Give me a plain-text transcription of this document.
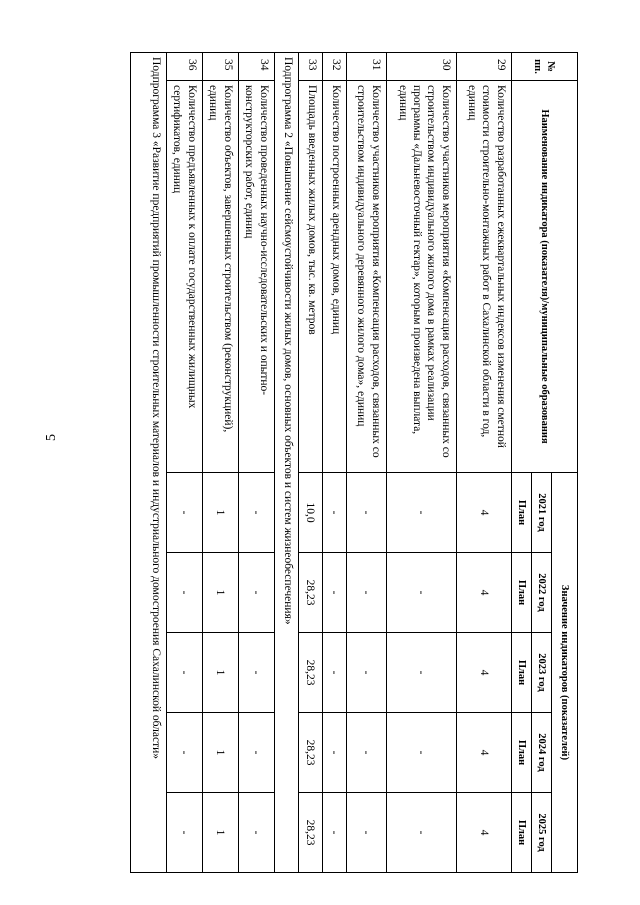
5
№ пп.	Наименование индикатора (показателя)/муниципальные образования	Значение индикаторов (показателей)				
		2021 год	2022 год	2023 год	2024 год	2025 год
		План	План	План	План	План
29	Количество разработанных ежеквартальных индексов изменения сметной стоимости строительно-монтажных работ в Сахалинской области в год, единиц	4	4	4	4	4
30	Количество участников мероприятия «Компенсация расходов, связанных со строительством индивидуального жилого дома в рамках реализации программы «Дальневосточный гектар», которым произведена выплата, единиц	-	-	-	-	-
31	Количество участников мероприятия «Компенсация расходов, связанных со строительством индивидуального деревянного жилого дома», единиц	-	-	-	-	-
32	Количество построенных арендных домов, единиц	-	-	-	-	-
33	Площадь введенных жилых домов, тыс. кв. метров	10,0	28,23	28,23	28,23	28,23
Подпрограмма 2 «Повышение сейсмоустойчивости жилых домов, основных объектов и систем жизнеобеспечения»						
34	Количество проведенных научно-исследовательских и опытно-конструкторских работ, единиц	-	-	-	-	-
35	Количество объектов, завершенных строительством (реконструкцией), единиц	1	1	1	1	1
36	Количество предъявленных к оплате государственных жилищных сертификатов, единиц	-	-	-	-	-
Подпрограмма 3 «Развитие предприятий промышленности строительных материалов и индустриального домостроения Сахалинской области»						
